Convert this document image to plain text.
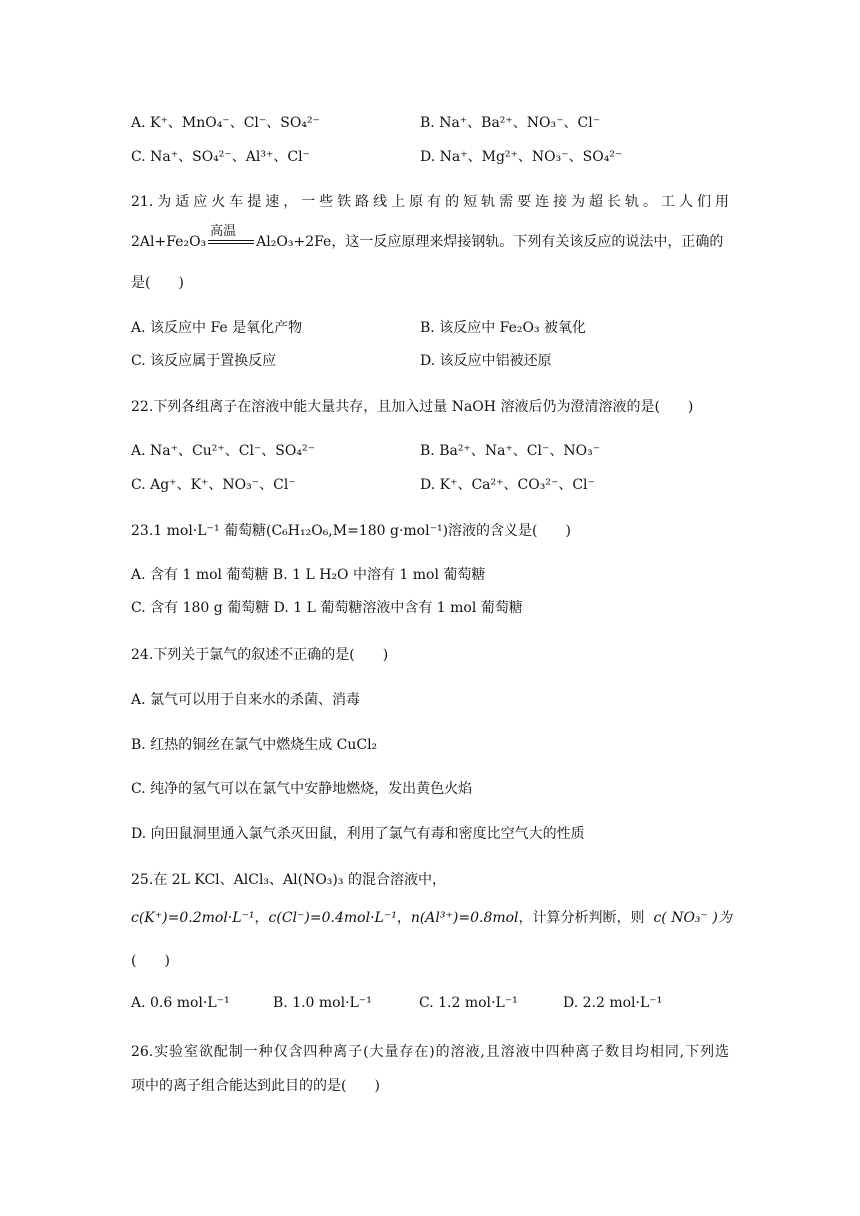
A. K⁺、MnO₄⁻、Cl⁻、SO₄²⁻	B. Na⁺、Ba²⁺、NO₃⁻、Cl⁻
C. Na⁺、SO₄²⁻、Al³⁺、Cl⁻	D. Na⁺、Mg²⁺、NO₃⁻、SO₄²⁻
21.为适应火车提速，一些铁路线上原有的短轨需要连接为超长轨。工人们用
2Al+Fe₂O₃
高温
Al₂O₃+2Fe，这一反应原理来焊接钢轨。下列有关该反应的说法中，正确的
是(　　)
A. 该反应中 Fe 是氧化产物	B. 该反应中 Fe₂O₃ 被氧化
C. 该反应属于置换反应	D. 该反应中铝被还原
22.下列各组离子在溶液中能大量共存，且加入过量 NaOH 溶液后仍为澄清溶液的是(　　)
A. Na⁺、Cu²⁺、Cl⁻、SO₄²⁻	B. Ba²⁺、Na⁺、Cl⁻、NO₃⁻
C. Ag⁺、K⁺、NO₃⁻、Cl⁻	D. K⁺、Ca²⁺、CO₃²⁻、Cl⁻
23.1 mol·L⁻¹ 葡萄糖(C₆H₁₂O₆,M=180 g·mol⁻¹)溶液的含义是(　　)
A. 含有 1 mol 葡萄糖 B. 1 L H₂O 中溶有 1 mol 葡萄糖
C. 含有 180 g 葡萄糖 D. 1 L 葡萄糖溶液中含有 1 mol 葡萄糖
24.下列关于氯气的叙述不正确的是(　　)
A. 氯气可以用于自来水的杀菌、消毒
B. 红热的铜丝在氯气中燃烧生成 CuCl₂
C. 纯净的氢气可以在氯气中安静地燃烧，发出黄色火焰
D. 向田鼠洞里通入氯气杀灭田鼠，利用了氯气有毒和密度比空气大的性质
25.在 2L KCl、AlCl₃、Al(NO₃)₃ 的混合溶液中，
c(K⁺)=0.2mol·L⁻¹，c(Cl⁻)=0.4mol·L⁻¹，n(Al³⁺)=0.8mol，计算分析判断，则 c( NO₃⁻ )为
(　　)
A. 0.6 mol·L⁻¹	B. 1.0 mol·L⁻¹	C. 1.2 mol·L⁻¹	D. 2.2 mol·L⁻¹
26.实验室欲配制一种仅含四种离子(大量存在)的溶液,且溶液中四种离子数目均相同,下列选
项中的离子组合能达到此目的的是(　　)
